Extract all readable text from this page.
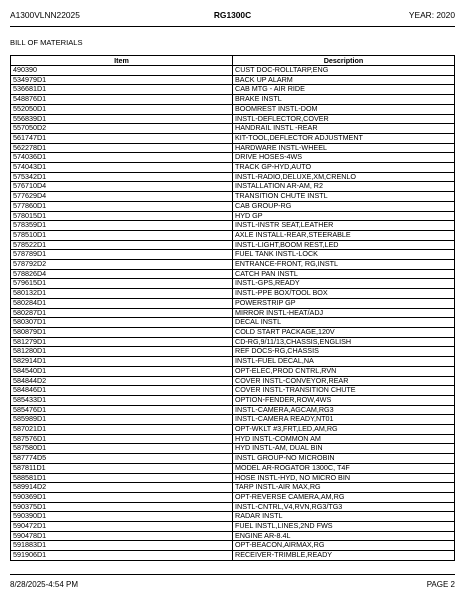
A1300VLNN22025	RG1300C	YEAR: 2020
BILL OF MATERIALS
Item	Description
490390	CUST DOC-ROLLTARP,ENG
534979D1	BACK UP ALARM
536681D1	CAB MTG - AIR RIDE
548876D1	BRAKE INSTL
552050D1	BOOMREST INSTL-DOM
556839D1	INSTL-DEFLECTOR,COVER
557050D2	HANDRAIL INSTL -REAR
561747D1	KIT-TOOL,DEFLECTOR ADJUSTMENT
562278D1	HARDWARE INSTL-WHEEL
574036D1	DRIVE HOSES-4WS
574043D1	TRACK GP-HYD,AUTO
575342D1	INSTL-RADIO,DELUXE,XM,CRENLO
576710D4	INSTALLATION AR-AM, R2
577629D4	TRANSITION CHUTE INSTL
577860D1	CAB GROUP-RG
578015D1	HYD GP
578359D1	INSTL-INSTR SEAT,LEATHER
578510D1	AXLE INSTALL-REAR,STEERABLE
578522D1	INSTL-LIGHT,BOOM REST,LED
578789D1	FUEL TANK INSTL-LOCK
578792D2	ENTRANCE-FRONT, RG,INSTL
578826D4	CATCH PAN INSTL
579615D1	INSTL-GPS,READY
580132D1	INSTL-PPE BOX/TOOL BOX
580284D1	POWERSTRIP GP
580287D1	MIRROR INSTL-HEAT/ADJ
580307D1	DECAL INSTL
580879D1	COLD START PACKAGE,120V
581279D1	CD-RG,9/11/13,CHASSIS,ENGLISH
581280D1	REF DOCS-RG,CHASSIS
582914D1	INSTL-FUEL DECAL,NA
584540D1	OPT-ELEC,PROD CNTRL,RVN
584844D2	COVER INSTL-CONVEYOR,REAR
584846D1	COVER INSTL-TRANSITION CHUTE
585433D1	OPTION-FENDER,ROW,4WS
585476D1	INSTL-CAMERA,AGCAM,RG3
585989D1	INSTL-CAMERA READY,NT01
587021D1	OPT-WKLT #3,FRT,LED,AM,RG
587576D1	HYD INSTL-COMMON AM
587580D1	HYD INSTL-AM, DUAL BIN
587774D5	INSTL GROUP-NO MICROBIN
587811D1	MODEL AR-ROGATOR 1300C, T4F
588581D1	HOSE INSTL-HYD, NO MICRO BIN
589914D2	TARP INSTL-AIR MAX,RG
590369D1	OPT-REVERSE CAMERA,AM,RG
590375D1	INSTL-CNTRL,V4,RVN,RG3/TG3
590390D1	RADAR INSTL
590472D1	FUEL INSTL,LINES,2ND FWS
590478D1	ENGINE AR-8.4L
591883D1	OPT-BEACON,AIRMAX,RG
591906D1	RECEIVER-TRIMBLE,READY
8/28/2025-4:54 PM	PAGE 2
